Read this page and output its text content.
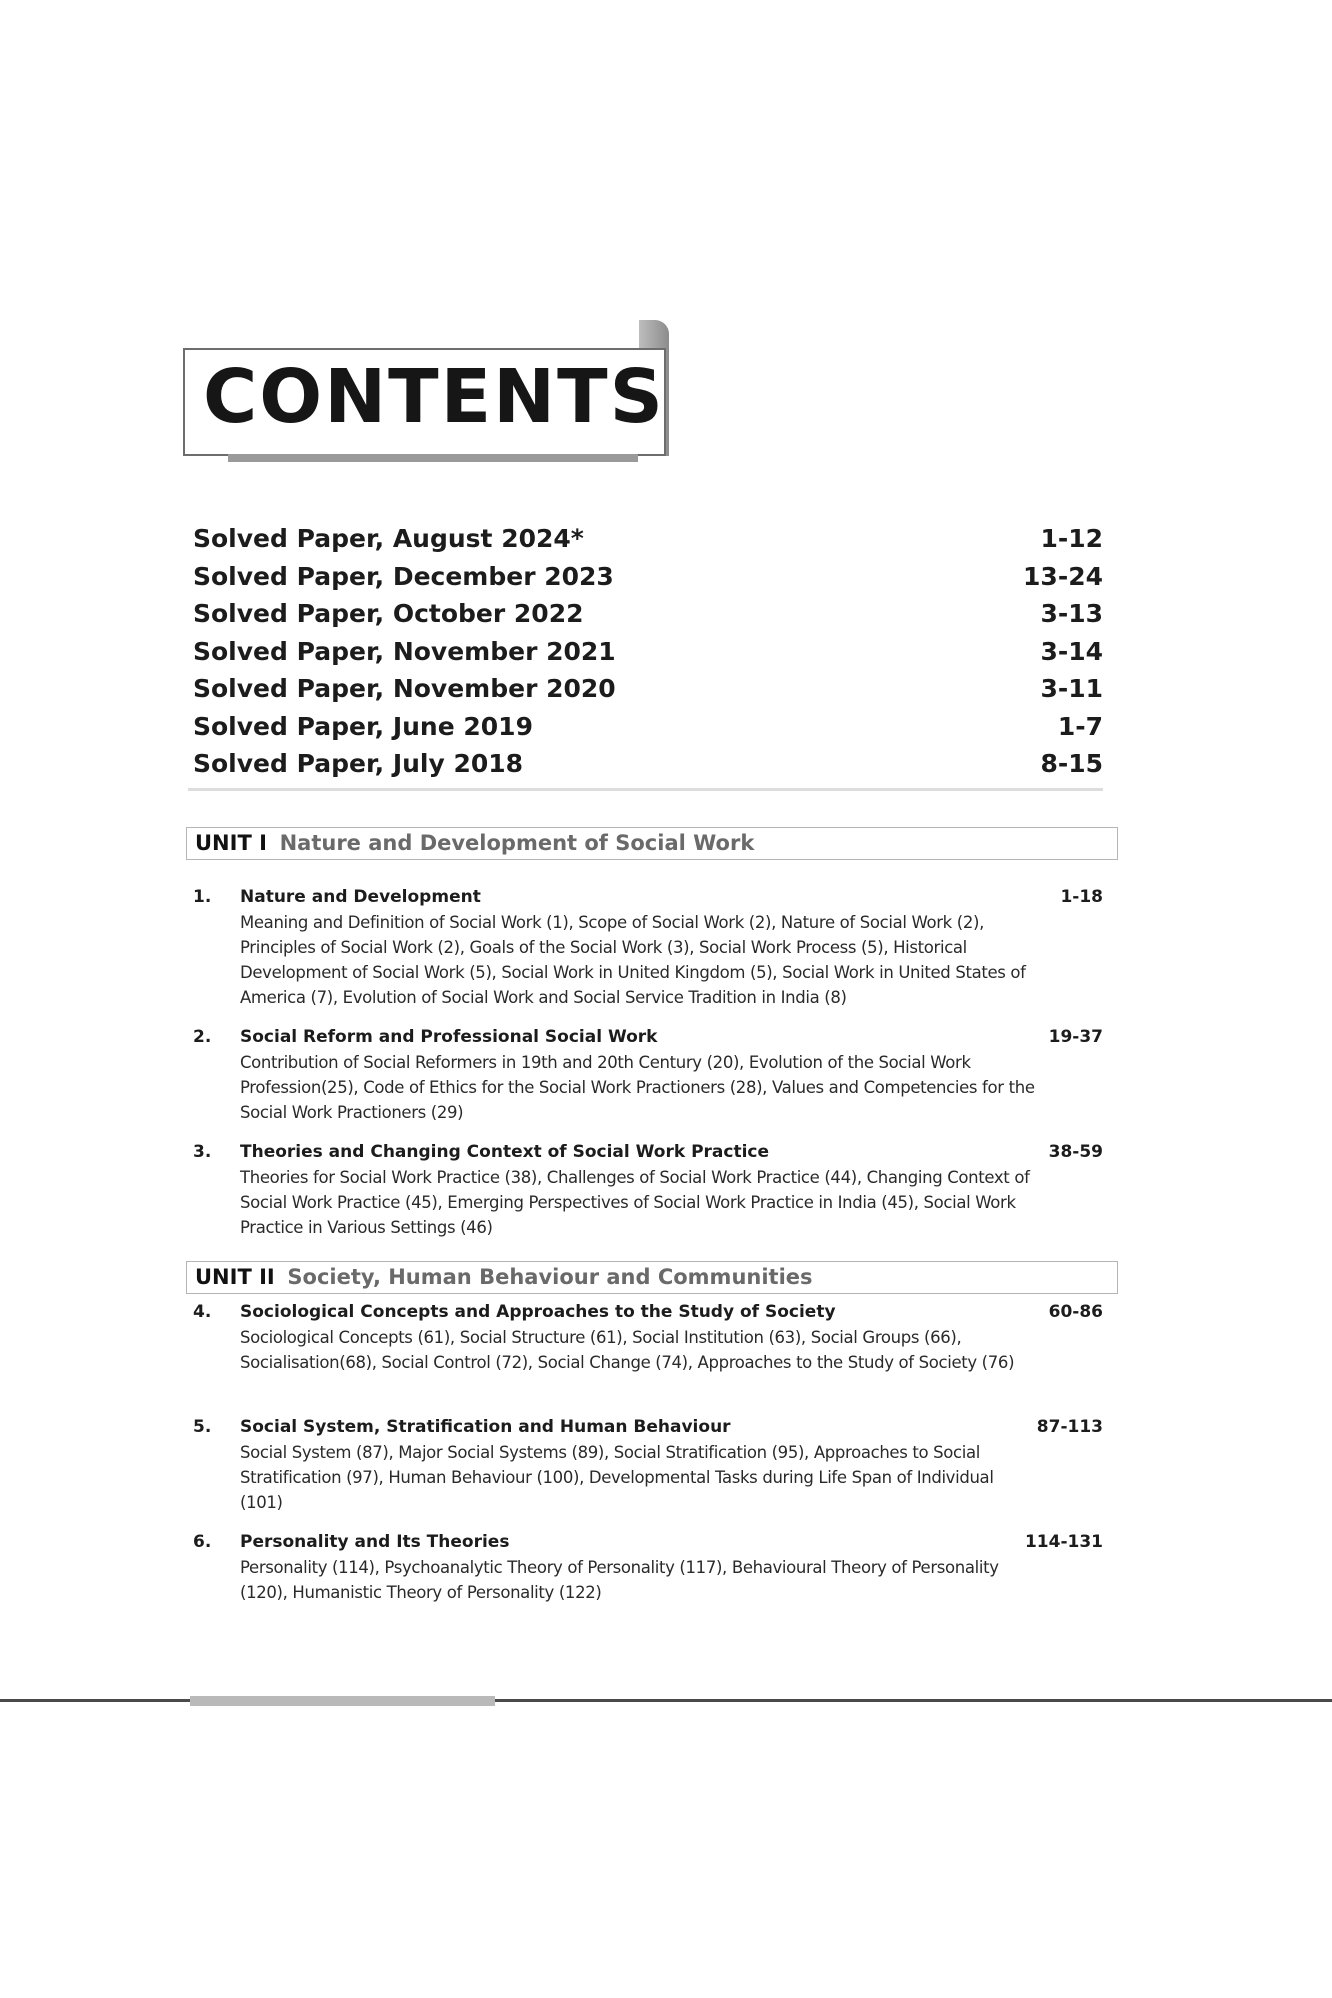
CONTENTS
Solved Paper, August 2024*	1-12
Solved Paper, December 2023	13-24
Solved Paper, October 2022	3-13
Solved Paper, November 2021	3-14
Solved Paper, November 2020	3-11
Solved Paper, June 2019	1-7
Solved Paper, July 2018	8-15
UNIT I Nature and Development of Social Work
1. Nature and Development	1-18
Meaning and Definition of Social Work (1), Scope of Social Work (2), Nature of Social Work (2), Principles of Social Work (2), Goals of the Social Work (3), Social Work Process (5), Historical Development of Social Work (5), Social Work in United Kingdom (5), Social Work in United States of America (7), Evolution of Social Work and Social Service Tradition in India (8)
2. Social Reform and Professional Social Work	19-37
Contribution of Social Reformers in 19th and 20th Century (20), Evolution of the Social Work Profession(25), Code of Ethics for the Social Work Practioners (28), Values and Competencies for the Social Work Practioners (29)
3. Theories and Changing Context of Social Work Practice	38-59
Theories for Social Work Practice (38), Challenges of Social Work Practice (44), Changing Context of Social Work Practice (45), Emerging Perspectives of Social Work Practice in India (45), Social Work Practice in Various Settings (46)
UNIT II Society, Human Behaviour and Communities
4. Sociological Concepts and Approaches to the Study of Society	60-86
Sociological Concepts (61), Social Structure (61), Social Institution (63), Social Groups (66), Socialisation(68), Social Control (72), Social Change (74), Approaches to the Study of Society (76)
5. Social System, Stratification and Human Behaviour	87-113
Social System (87), Major Social Systems (89), Social Stratification (95), Approaches to Social Stratification (97), Human Behaviour (100), Developmental Tasks during Life Span of Individual (101)
6. Personality and Its Theories	114-131
Personality (114), Psychoanalytic Theory of Personality (117), Behavioural Theory of Personality (120), Humanistic Theory of Personality (122)
